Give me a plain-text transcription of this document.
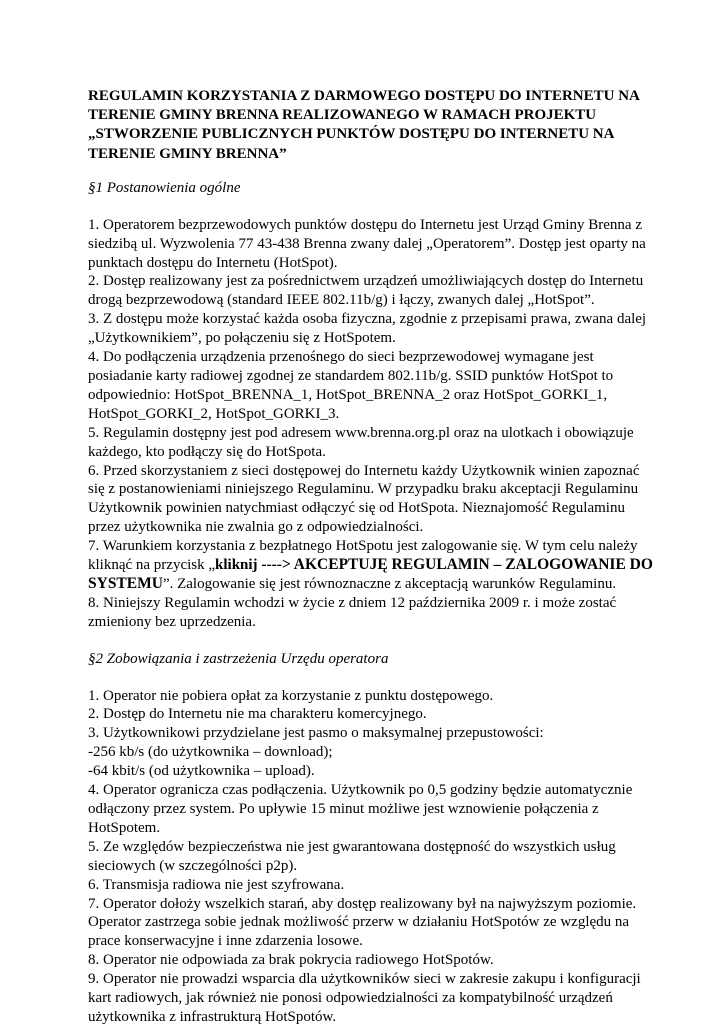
REGULAMIN KORZYSTANIA Z DARMOWEGO DOSTĘPU DO INTERNETU NA
TERENIE GMINY BRENNA REALIZOWANEGO W RAMACH PROJEKTU
„STWORZENIE PUBLICZNYCH PUNKTÓW DOSTĘPU DO INTERNETU NA
TERENIE GMINY BRENNA”

§1 Postanowienia ogólne

1. Operatorem bezprzewodowych punktów dostępu do Internetu jest Urząd Gminy Brenna z
siedzibą ul. Wyzwolenia 77 43-438 Brenna zwany dalej „Operatorem”. Dostęp jest oparty na
punktach dostępu do Internetu (HotSpot).
2. Dostęp realizowany jest za pośrednictwem urządzeń umożliwiających dostęp do Internetu
drogą bezprzewodową (standard IEEE 802.11b/g) i łączy, zwanych dalej „HotSpot”.
3. Z dostępu może korzystać każda osoba fizyczna, zgodnie z przepisami prawa, zwana dalej
„Użytkownikiem”, po połączeniu się z HotSpotem.
4. Do podłączenia urządzenia przenośnego do sieci bezprzewodowej wymagane jest
posiadanie karty radiowej zgodnej ze standardem 802.11b/g. SSID punktów HotSpot to
odpowiednio: HotSpot_BRENNA_1, HotSpot_BRENNA_2 oraz HotSpot_GORKI_1,
HotSpot_GORKI_2, HotSpot_GORKI_3.
5. Regulamin dostępny jest pod adresem www.brenna.org.pl oraz na ulotkach i obowiązuje
każdego, kto podłączy się do HotSpota.
6. Przed skorzystaniem z sieci dostępowej do Internetu każdy Użytkownik winien zapoznać
się z postanowieniami niniejszego Regulaminu. W przypadku braku akceptacji Regulaminu
Użytkownik powinien natychmiast odłączyć się od HotSpota. Nieznajomość Regulaminu
przez użytkownika nie zwalnia go z odpowiedzialności.
7. Warunkiem korzystania z bezpłatnego HotSpotu jest zalogowanie się. W tym celu należy
kliknąć na przycisk „kliknij ----> AKCEPTUJĘ REGULAMIN – ZALOGOWANIE DO
SYSTEMU”. Zalogowanie się jest równoznaczne z akceptacją warunków Regulaminu.
8. Niniejszy Regulamin wchodzi w życie z dniem 12 października 2009 r. i może zostać
zmieniony bez uprzedzenia.

§2 Zobowiązania i zastrzeżenia Urzędu operatora

1. Operator nie pobiera opłat za korzystanie z punktu dostępowego.
2. Dostęp do Internetu nie ma charakteru komercyjnego.
3. Użytkownikowi przydzielane jest pasmo o maksymalnej przepustowości:
-256 kb/s (do użytkownika – download);
-64 kbit/s (od użytkownika – upload).
4. Operator ogranicza czas podłączenia. Użytkownik po 0,5 godziny będzie automatycznie
odłączony przez system. Po upływie 15 minut możliwe jest wznowienie połączenia z
HotSpotem.
5. Ze względów bezpieczeństwa nie jest gwarantowana dostępność do wszystkich usług
sieciowych (w szczególności p2p).
6. Transmisja radiowa nie jest szyfrowana.
7. Operator dołoży wszelkich starań, aby dostęp realizowany był na najwyższym poziomie.
Operator zastrzega sobie jednak możliwość przerw w działaniu HotSpotów ze względu na
prace konserwacyjne i inne zdarzenia losowe.
8. Operator nie odpowiada za brak pokrycia radiowego HotSpotów.
9. Operator nie prowadzi wsparcia dla użytkowników sieci w zakresie zakupu i konfiguracji
kart radiowych, jak również nie ponosi odpowiedzialności za kompatybilność urządzeń
użytkownika z infrastrukturą HotSpotów.
